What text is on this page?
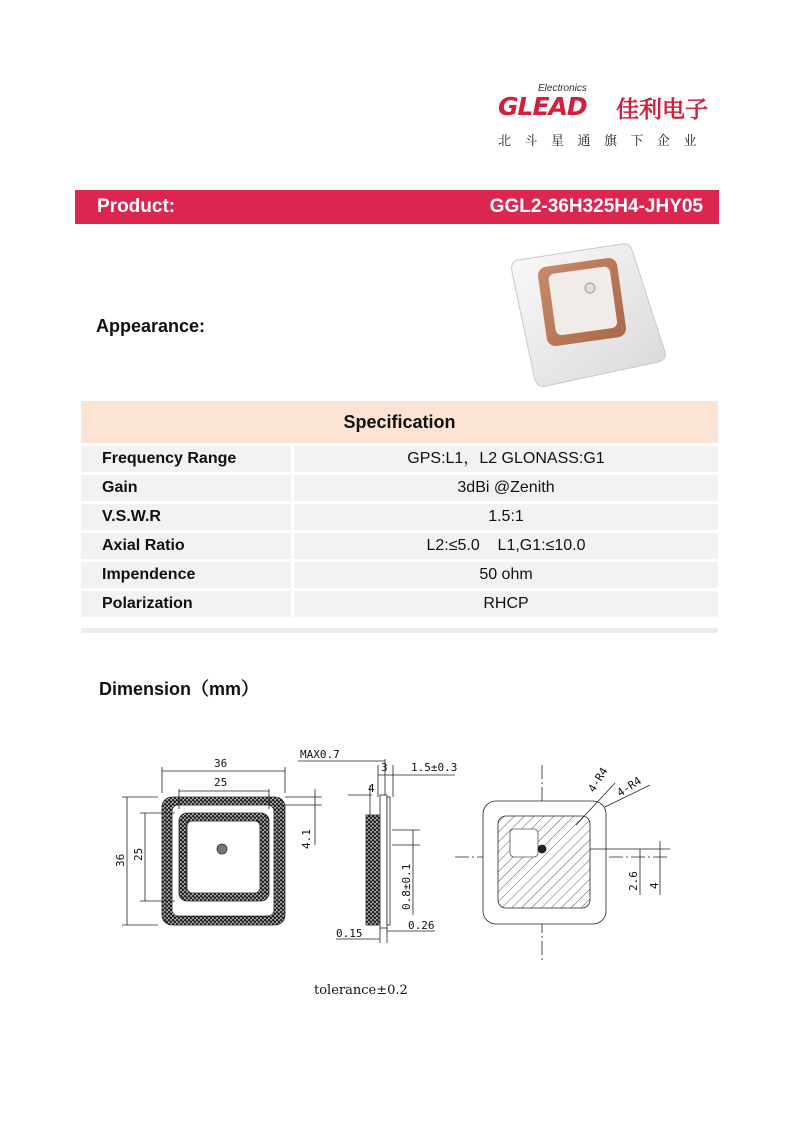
GLEAD
Electronics
佳利电子
北斗星通旗下企业
Product:	GGL2-36H325H4-JHY05
Appearance:
Specification
Frequency Range	GPS:L1，L2 GLONASS:G1
Gain	3dBi @Zenith
V.S.W.R	1.5:1
Axial Ratio	L2:≤5.0    L1,G1:≤10.0
Impendence	50 ohm
Polarization	RHCP
Dimension（mm）
36
25
36 25
4.1
MAX0.7
3
4
1.5±0.3
0.8±0.1
0.15
0.26
4-R4 4-R4
2.6 4
tolerance±0.2
